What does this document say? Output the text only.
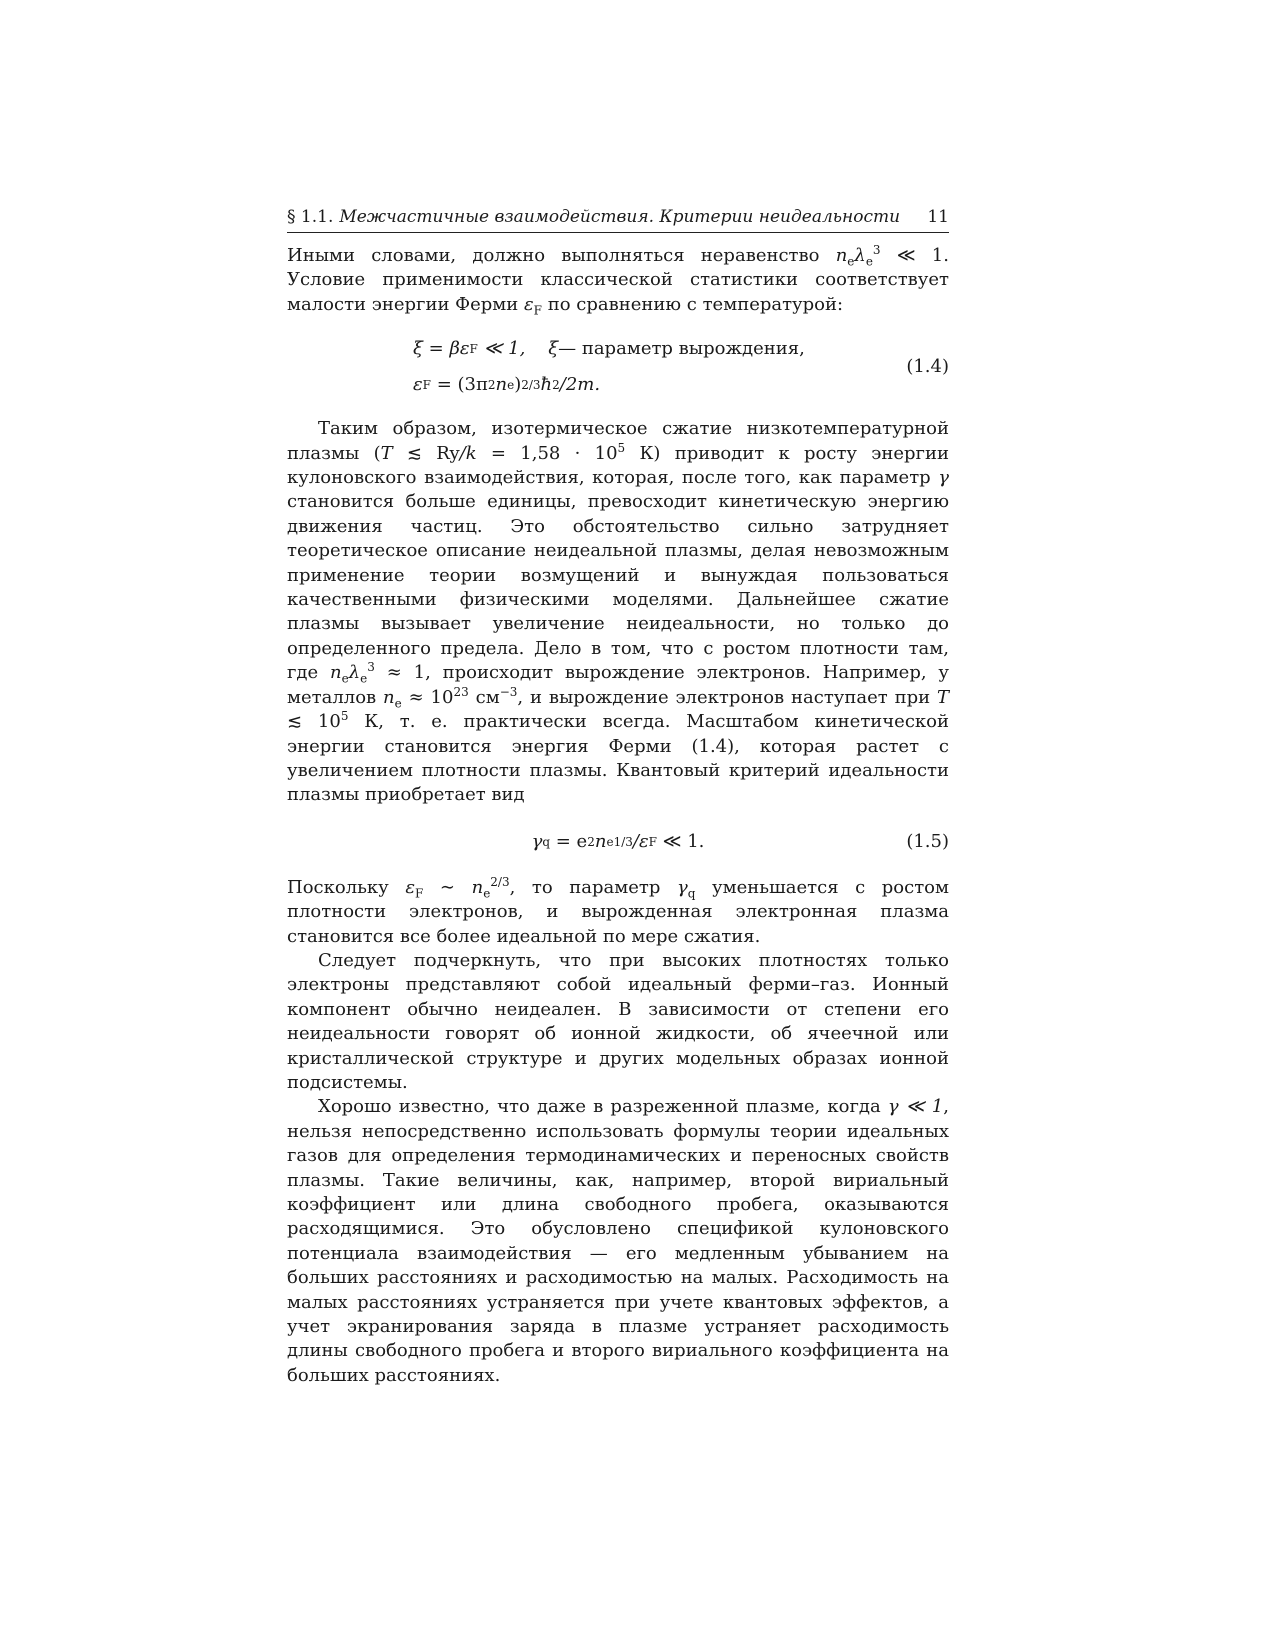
§ 1.1. Межчастичные взаимодействия. Критерии неидеальности 11

Иными словами, должно выполняться неравенство $n_e\lambda_e^3$ ≪ 1. Условие применимости классической статистики соответствует малости энергии Ферми $\varepsilon_F$ по сравнению с температурой:

ξ = βε F ≪ 1,    ξ — параметр вырождения,
ε F = (3π 2 n e ) 2/3 ħ 2 /2m.
(1.4)

Таким образом, изотермическое сжатие низкотемпературной плазмы (T ≲ $Ry/k = 1,58 \cdot 10^5$ К) приводит к росту энергии кулоновского взаимодействия, которая, после того, как параметр γ становится больше единицы, превосходит кинетическую энергию движения частиц. Это обстоятельство сильно затрудняет теоретическое описание неидеальной плазмы, делая невозможным применение теории возмущений и вынуждая пользоваться качественными физическими моделями. Дальнейшее сжатие плазмы вызывает увеличение неидеальности, но только до определенного предела. Дело в том, что с ростом плотности там, где $n_e\lambda_e^3 \approx 1$, происходит вырождение электронов. Например, у металлов $n_e \approx 10^{23}$ $см^{-3}$, и вырождение электронов наступает при T ≲ $10^5$ К, т. е. практически всегда. Масштабом кинетической энергии становится энергия Ферми (1.4), которая растет с увеличением плотности плазмы. Квантовый критерий идеальности плазмы приобретает вид

γ q = e 2 n e 1/3 /ε F ≪ 1.	(1.5)

Поскольку $\varepsilon_F$ ∼ $n_e^{2/3}$, то параметр $\gamma_q$ уменьшается с ростом плотности электронов, и вырожденная электронная плазма становится все более идеальной по мере сжатия.

Следует подчеркнуть, что при высоких плотностях только электроны представляют собой идеальный ферми–газ. Ионный компонент обычно неидеален. В зависимости от степени его неидеальности говорят об ионной жидкости, об ячеечной или кристаллической структуре и других модельных образах ионной подсистемы.

Хорошо известно, что даже в разреженной плазме, когда γ ≪ 1, нельзя непосредственно использовать формулы теории идеальных газов для определения термодинамических и переносных свойств плазмы. Такие величины, как, например, второй вириальный коэффициент или длина свободного пробега, оказываются расходящимися. Это обусловлено спецификой кулоновского потенциала взаимодействия — его медленным убыванием на больших расстояниях и расходимостью на малых. Расходимость на малых расстояниях устраняется при учете квантовых эффектов, а учет экранирования заряда в плазме устраняет расходимость длины свободного пробега и второго вириального коэффициента на больших расстояниях.
